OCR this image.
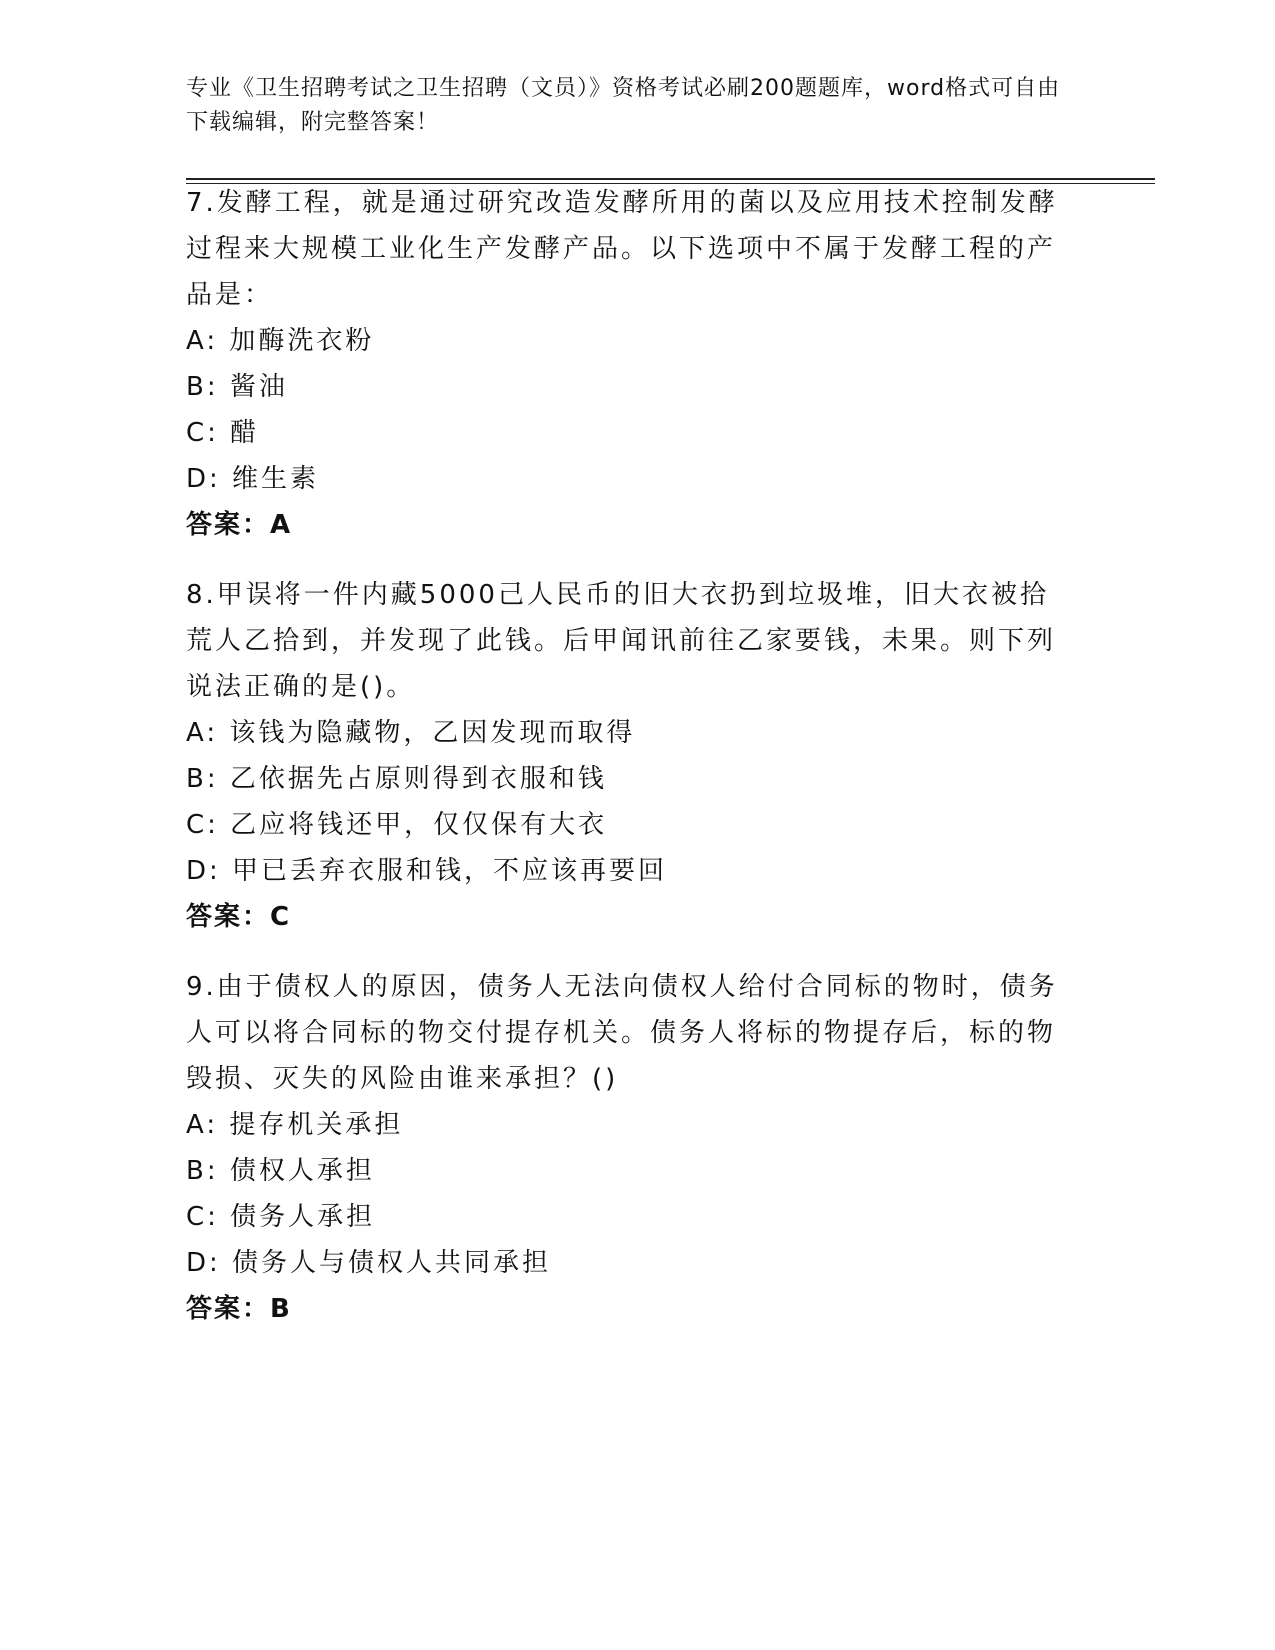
专业《卫生招聘考试之卫生招聘（文员）》资格考试必刷200题题库，word格式可自由下载编辑，附完整答案！

7.发酵工程，就是通过研究改造发酵所用的菌以及应用技术控制发酵过程来大规模工业化生产发酵产品。以下选项中不属于发酵工程的产品是：

A: 加酶洗衣粉

B: 酱油

C: 醋

D: 维生素

答案：A

8.甲误将一件内藏5000己人民币的旧大衣扔到垃圾堆，旧大衣被拾荒人乙拾到，并发现了此钱。后甲闻讯前往乙家要钱，未果。则下列说法正确的是()。

A: 该钱为隐藏物，乙因发现而取得

B: 乙依据先占原则得到衣服和钱

C: 乙应将钱还甲，仅仅保有大衣

D: 甲已丢弃衣服和钱，不应该再要回

答案：C

9.由于债权人的原因，债务人无法向债权人给付合同标的物时，债务人可以将合同标的物交付提存机关。债务人将标的物提存后，标的物毁损、灭失的风险由谁来承担？()

A: 提存机关承担

B: 债权人承担

C: 债务人承担

D: 债务人与债权人共同承担

答案：B
